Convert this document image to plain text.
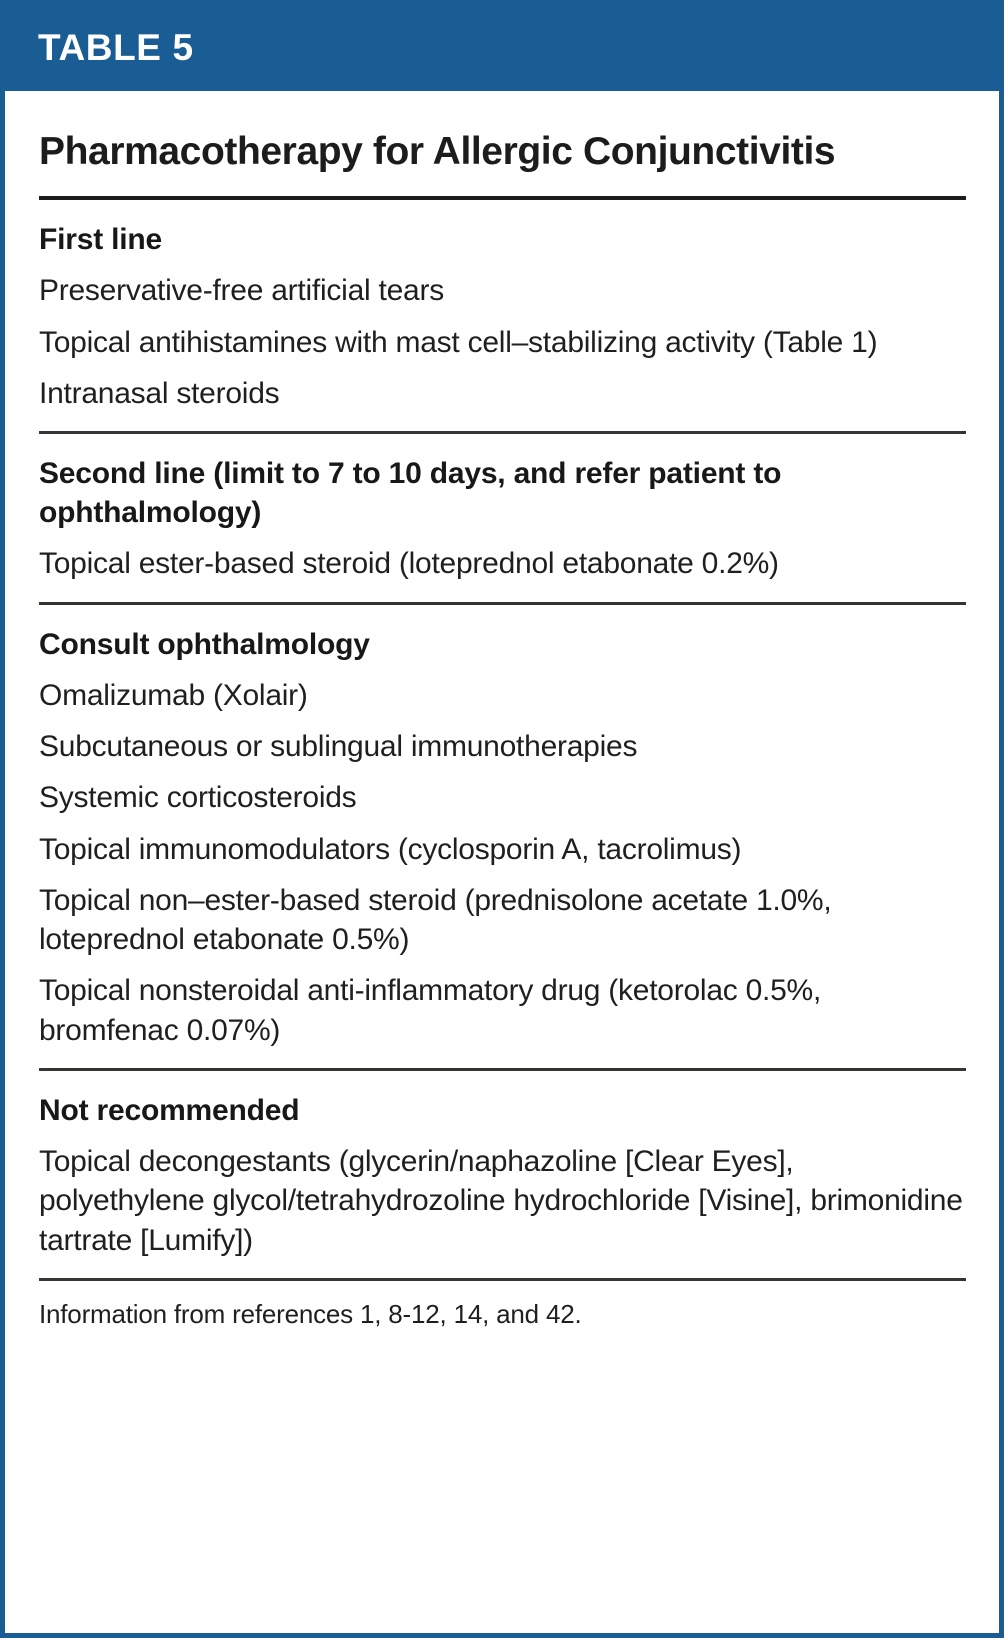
TABLE 5
Pharmacotherapy for Allergic Conjunctivitis
First line
Preservative-free artificial tears
Topical antihistamines with mast cell–stabilizing activity (Table 1)
Intranasal steroids
Second line (limit to 7 to 10 days, and refer patient to ophthalmology)
Topical ester-based steroid (loteprednol etabonate 0.2%)
Consult ophthalmology
Omalizumab (Xolair)
Subcutaneous or sublingual immunotherapies
Systemic corticosteroids
Topical immunomodulators (cyclosporin A, tacrolimus)
Topical non–ester-based steroid (prednisolone acetate 1.0%, loteprednol etabonate 0.5%)
Topical nonsteroidal anti-inflammatory drug (ketorolac 0.5%, bromfenac 0.07%)
Not recommended
Topical decongestants (glycerin/naphazoline [Clear Eyes], polyethylene glycol/tetrahydrozoline hydrochloride [Visine], brimonidine tartrate [Lumify])
Information from references 1, 8-12, 14, and 42.
